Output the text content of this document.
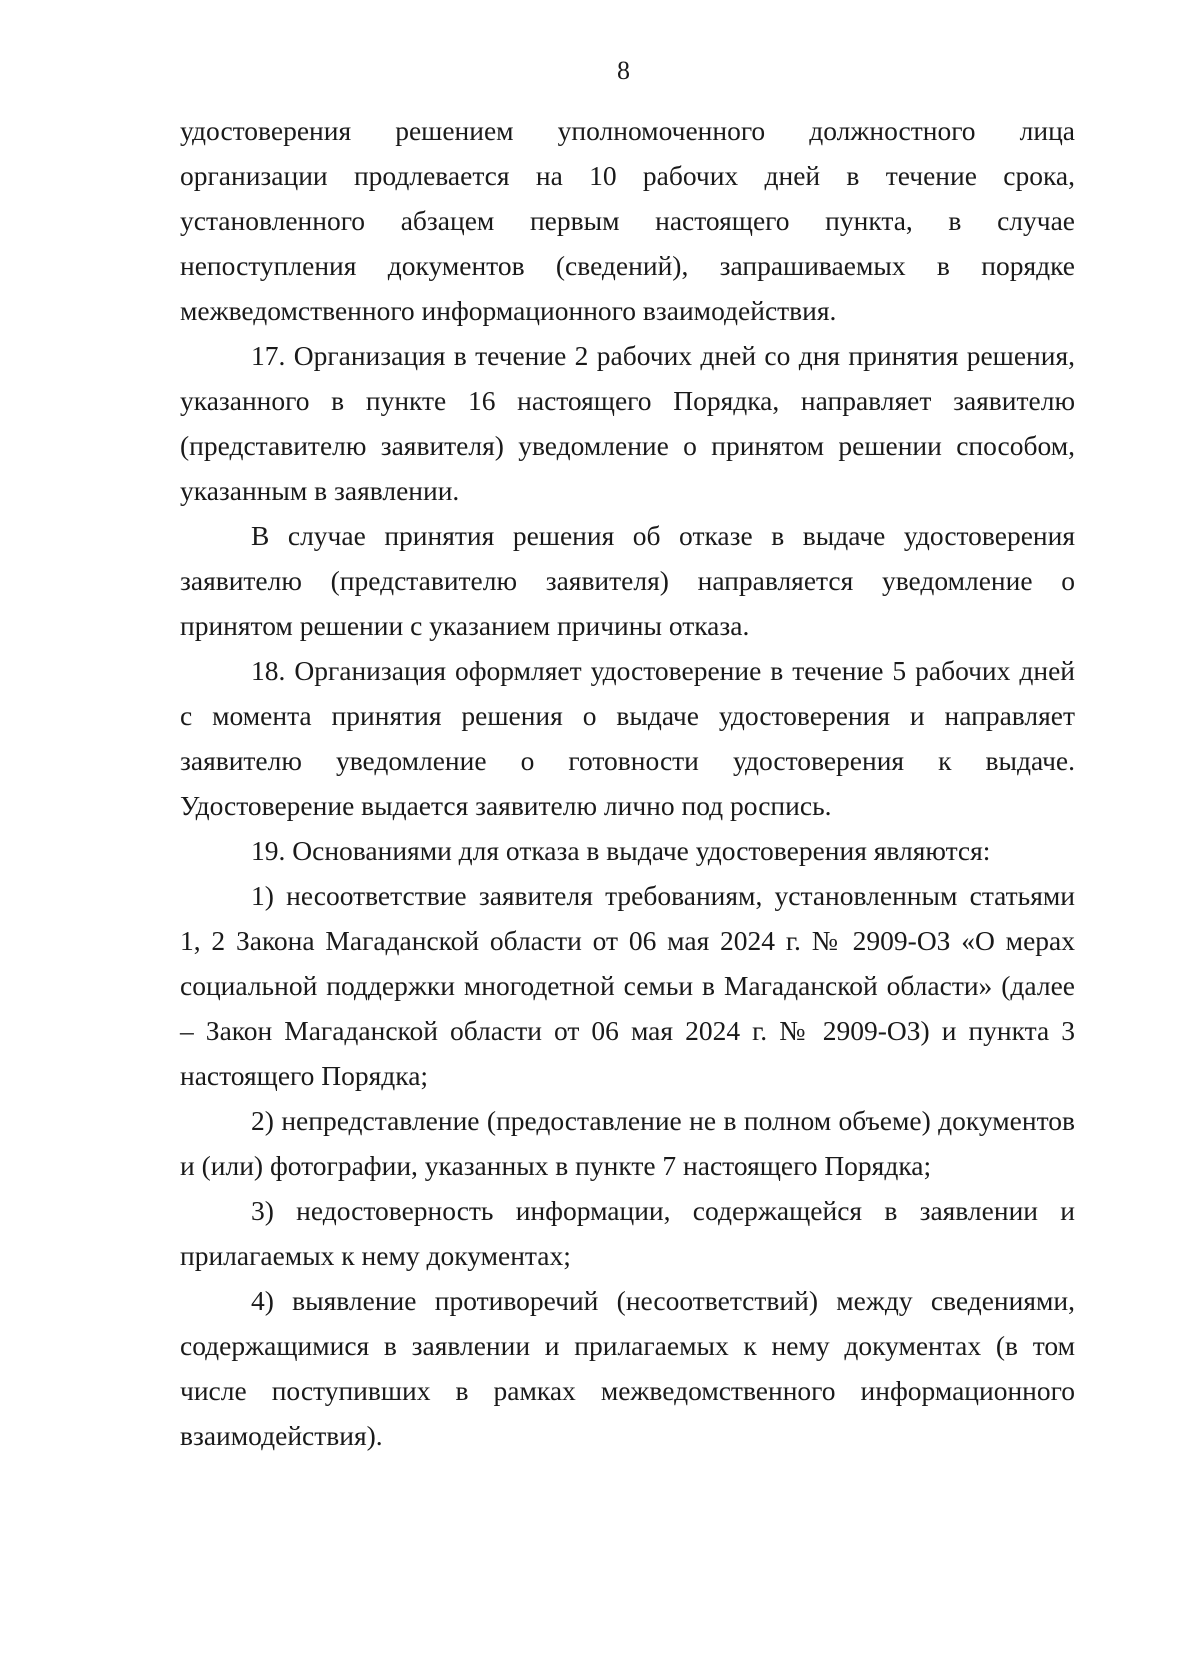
8

удостоверения решением уполномоченного должностного лица организации продлевается на 10 рабочих дней в течение срока, установленного абзацем первым настоящего пункта, в случае непоступления документов (сведений), запрашиваемых в порядке межведомственного информационного взаимодействия.

17. Организация в течение 2 рабочих дней со дня принятия решения, указанного в пункте 16 настоящего Порядка, направляет заявителю (представителю заявителя) уведомление о принятом решении способом, указанным в заявлении.

В случае принятия решения об отказе в выдаче удостоверения заявителю (представителю заявителя) направляется уведомление о принятом решении с указанием причины отказа.

18. Организация оформляет удостоверение в течение 5 рабочих дней с момента принятия решения о выдаче удостоверения и направляет заявителю уведомление о готовности удостоверения к выдаче. Удостоверение выдается заявителю лично под роспись.

19. Основаниями для отказа в выдаче удостоверения являются:

1) несоответствие заявителя требованиям, установленным статьями 1, 2 Закона Магаданской области от 06 мая 2024 г. № 2909-ОЗ «О мерах социальной поддержки многодетной семьи в Магаданской области» (далее – Закон Магаданской области от 06 мая 2024 г. № 2909-ОЗ) и пункта 3 настоящего Порядка;

2) непредставление (предоставление не в полном объеме) документов и (или) фотографии, указанных в пункте 7 настоящего Порядка;

3) недостоверность информации, содержащейся в заявлении и прилагаемых к нему документах;

4) выявление противоречий (несоответствий) между сведениями, содержащимися в заявлении и прилагаемых к нему документах (в том числе поступивших в рамках межведомственного информационного взаимодействия).
